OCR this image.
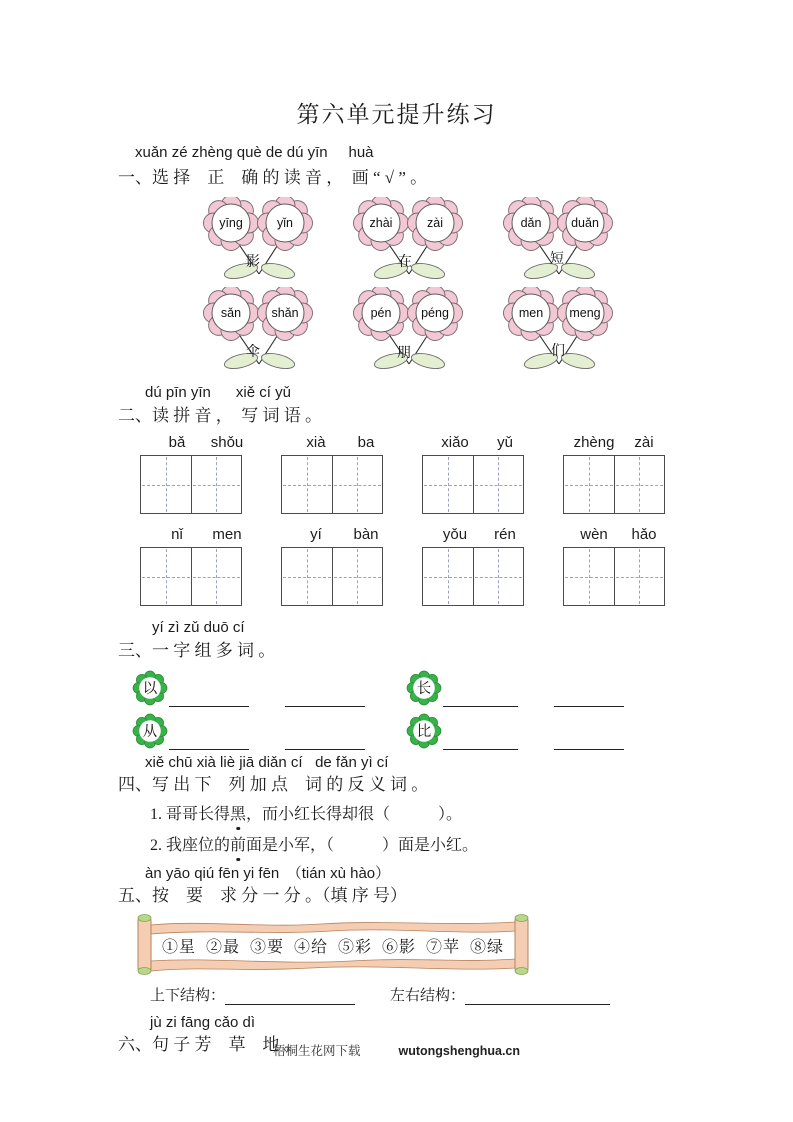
第六单元提升练习
xuǎn zé zhèng què de dú yīn     huà
一、选 择　正　确 的 读 音 ，　画 “ √ ” 。
yīng	yǐn
影
zhài	zài
在
dǎn duǎn
短
sǎn shǎn
伞
pén péng
朋
men meng
们
dú pīn yīn      xiě cí yǔ
二、读 拼 音 ，　写 词 语 。
bǎ	shǒu	xià	ba	xiǎo	yǔ	zhèng	zài
nǐ	men	yí	bàn	yǒu	rén	wèn	hǎo
yí zì zǔ duō cí
三、一 字 组 多 词 。
以	长
从	比
xiě chū xià liè jiā diǎn cí   de fǎn yì cí
四、写 出 下　列 加 点　词 的 反 义 词 。
1. 哥哥长得黑，而小红长得却很（　　　）。
2. 我座位的前面是小军，（　　　）面是小红。
àn yāo qiú fēn yi fēn　（tián xù hào）
五、按　要　求 分 一 分 。（填 序 号）
①星  ②最  ③要  ④给  ⑤彩  ⑥影  ⑦苹  ⑧绿
上下结构：	左右结构：
jù zi fāng cǎo dì
六、句 子 芳　草　地 。
梧桐生花网下载	wutongshenghua.cn
